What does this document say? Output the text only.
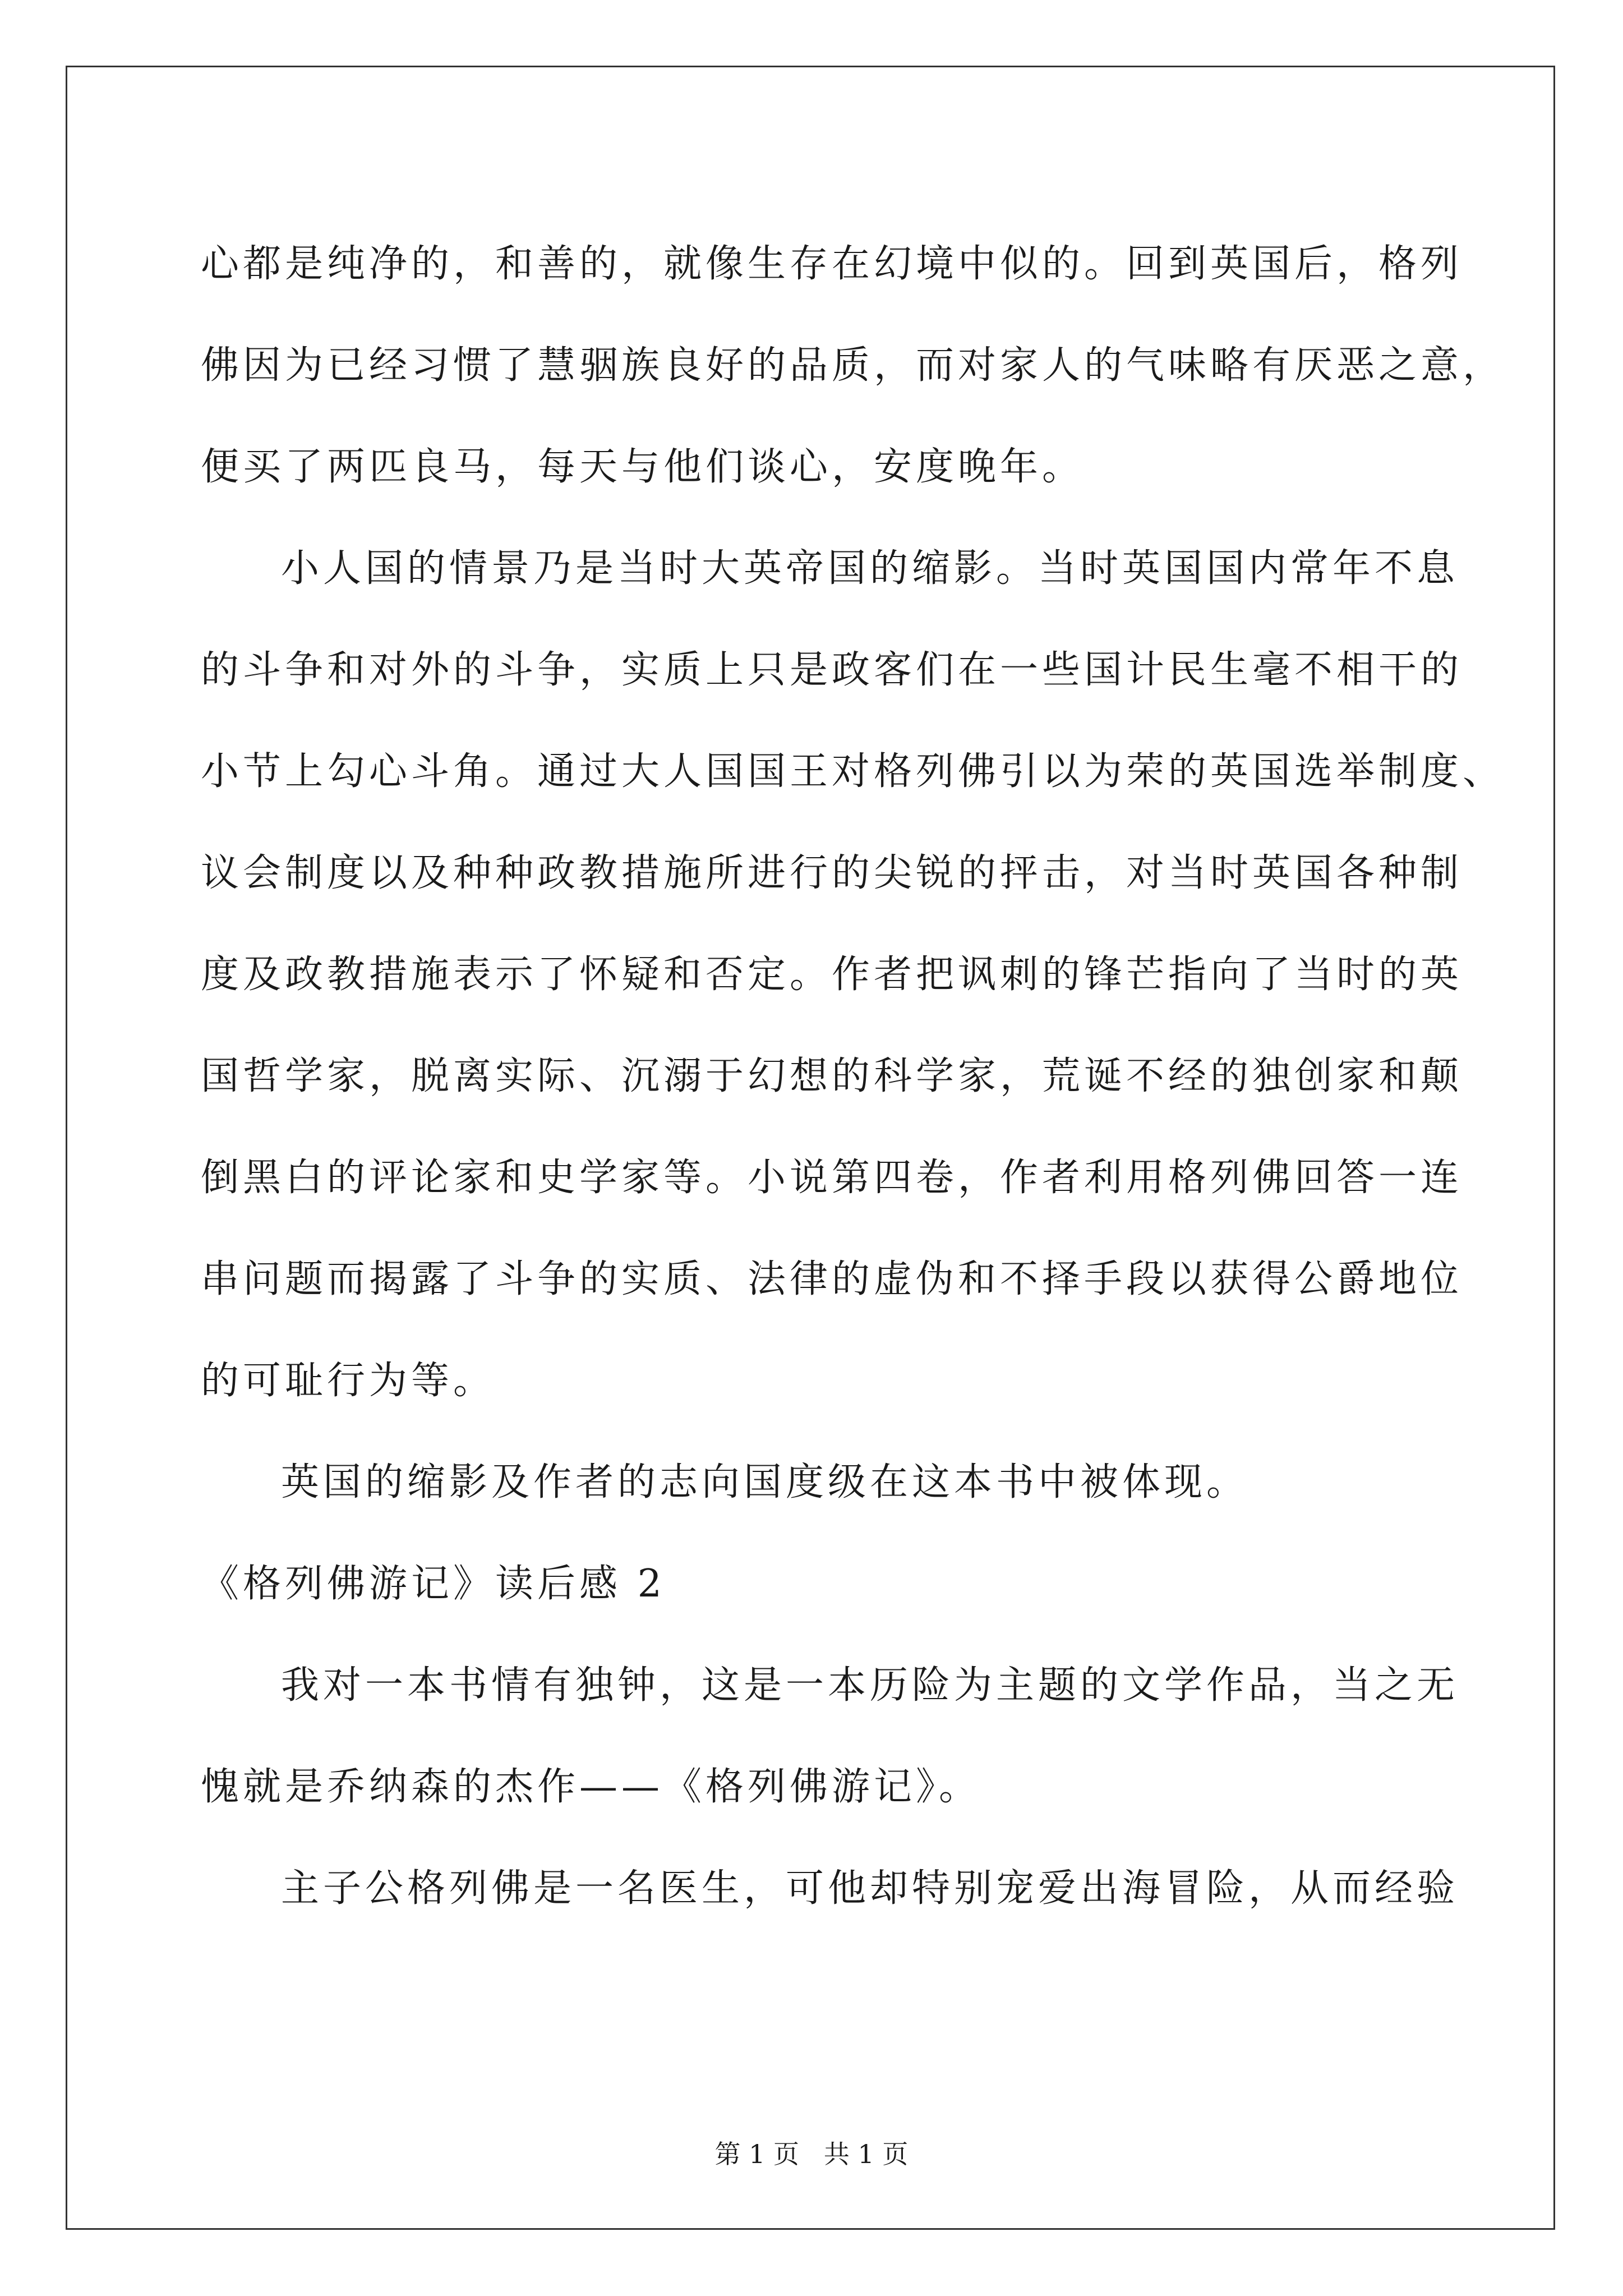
心都是纯净的，和善的，就像生存在幻境中似的。回到英国后，格列
佛因为已经习惯了慧骃族良好的品质，而对家人的气味略有厌恶之意，
便买了两匹良马，每天与他们谈心，安度晚年。
小人国的情景乃是当时大英帝国的缩影。当时英国国内常年不息
的斗争和对外的斗争，实质上只是政客们在一些国计民生毫不相干的
小节上勾心斗角。通过大人国国王对格列佛引以为荣的英国选举制度、
议会制度以及种种政教措施所进行的尖锐的抨击，对当时英国各种制
度及政教措施表示了怀疑和否定。作者把讽刺的锋芒指向了当时的英
国哲学家，脱离实际、沉溺于幻想的科学家，荒诞不经的独创家和颠
倒黑白的评论家和史学家等。小说第四卷，作者利用格列佛回答一连
串问题而揭露了斗争的实质、法律的虚伪和不择手段以获得公爵地位
的可耻行为等。
英国的缩影及作者的志向国度级在这本书中被体现。
《格列佛游记》读后感 2
我对一本书情有独钟，这是一本历险为主题的文学作品，当之无
愧就是乔纳森的杰作——《格列佛游记》。
主子公格列佛是一名医生，可他却特别宠爱出海冒险，从而经验
第 1 页   共 1 页
